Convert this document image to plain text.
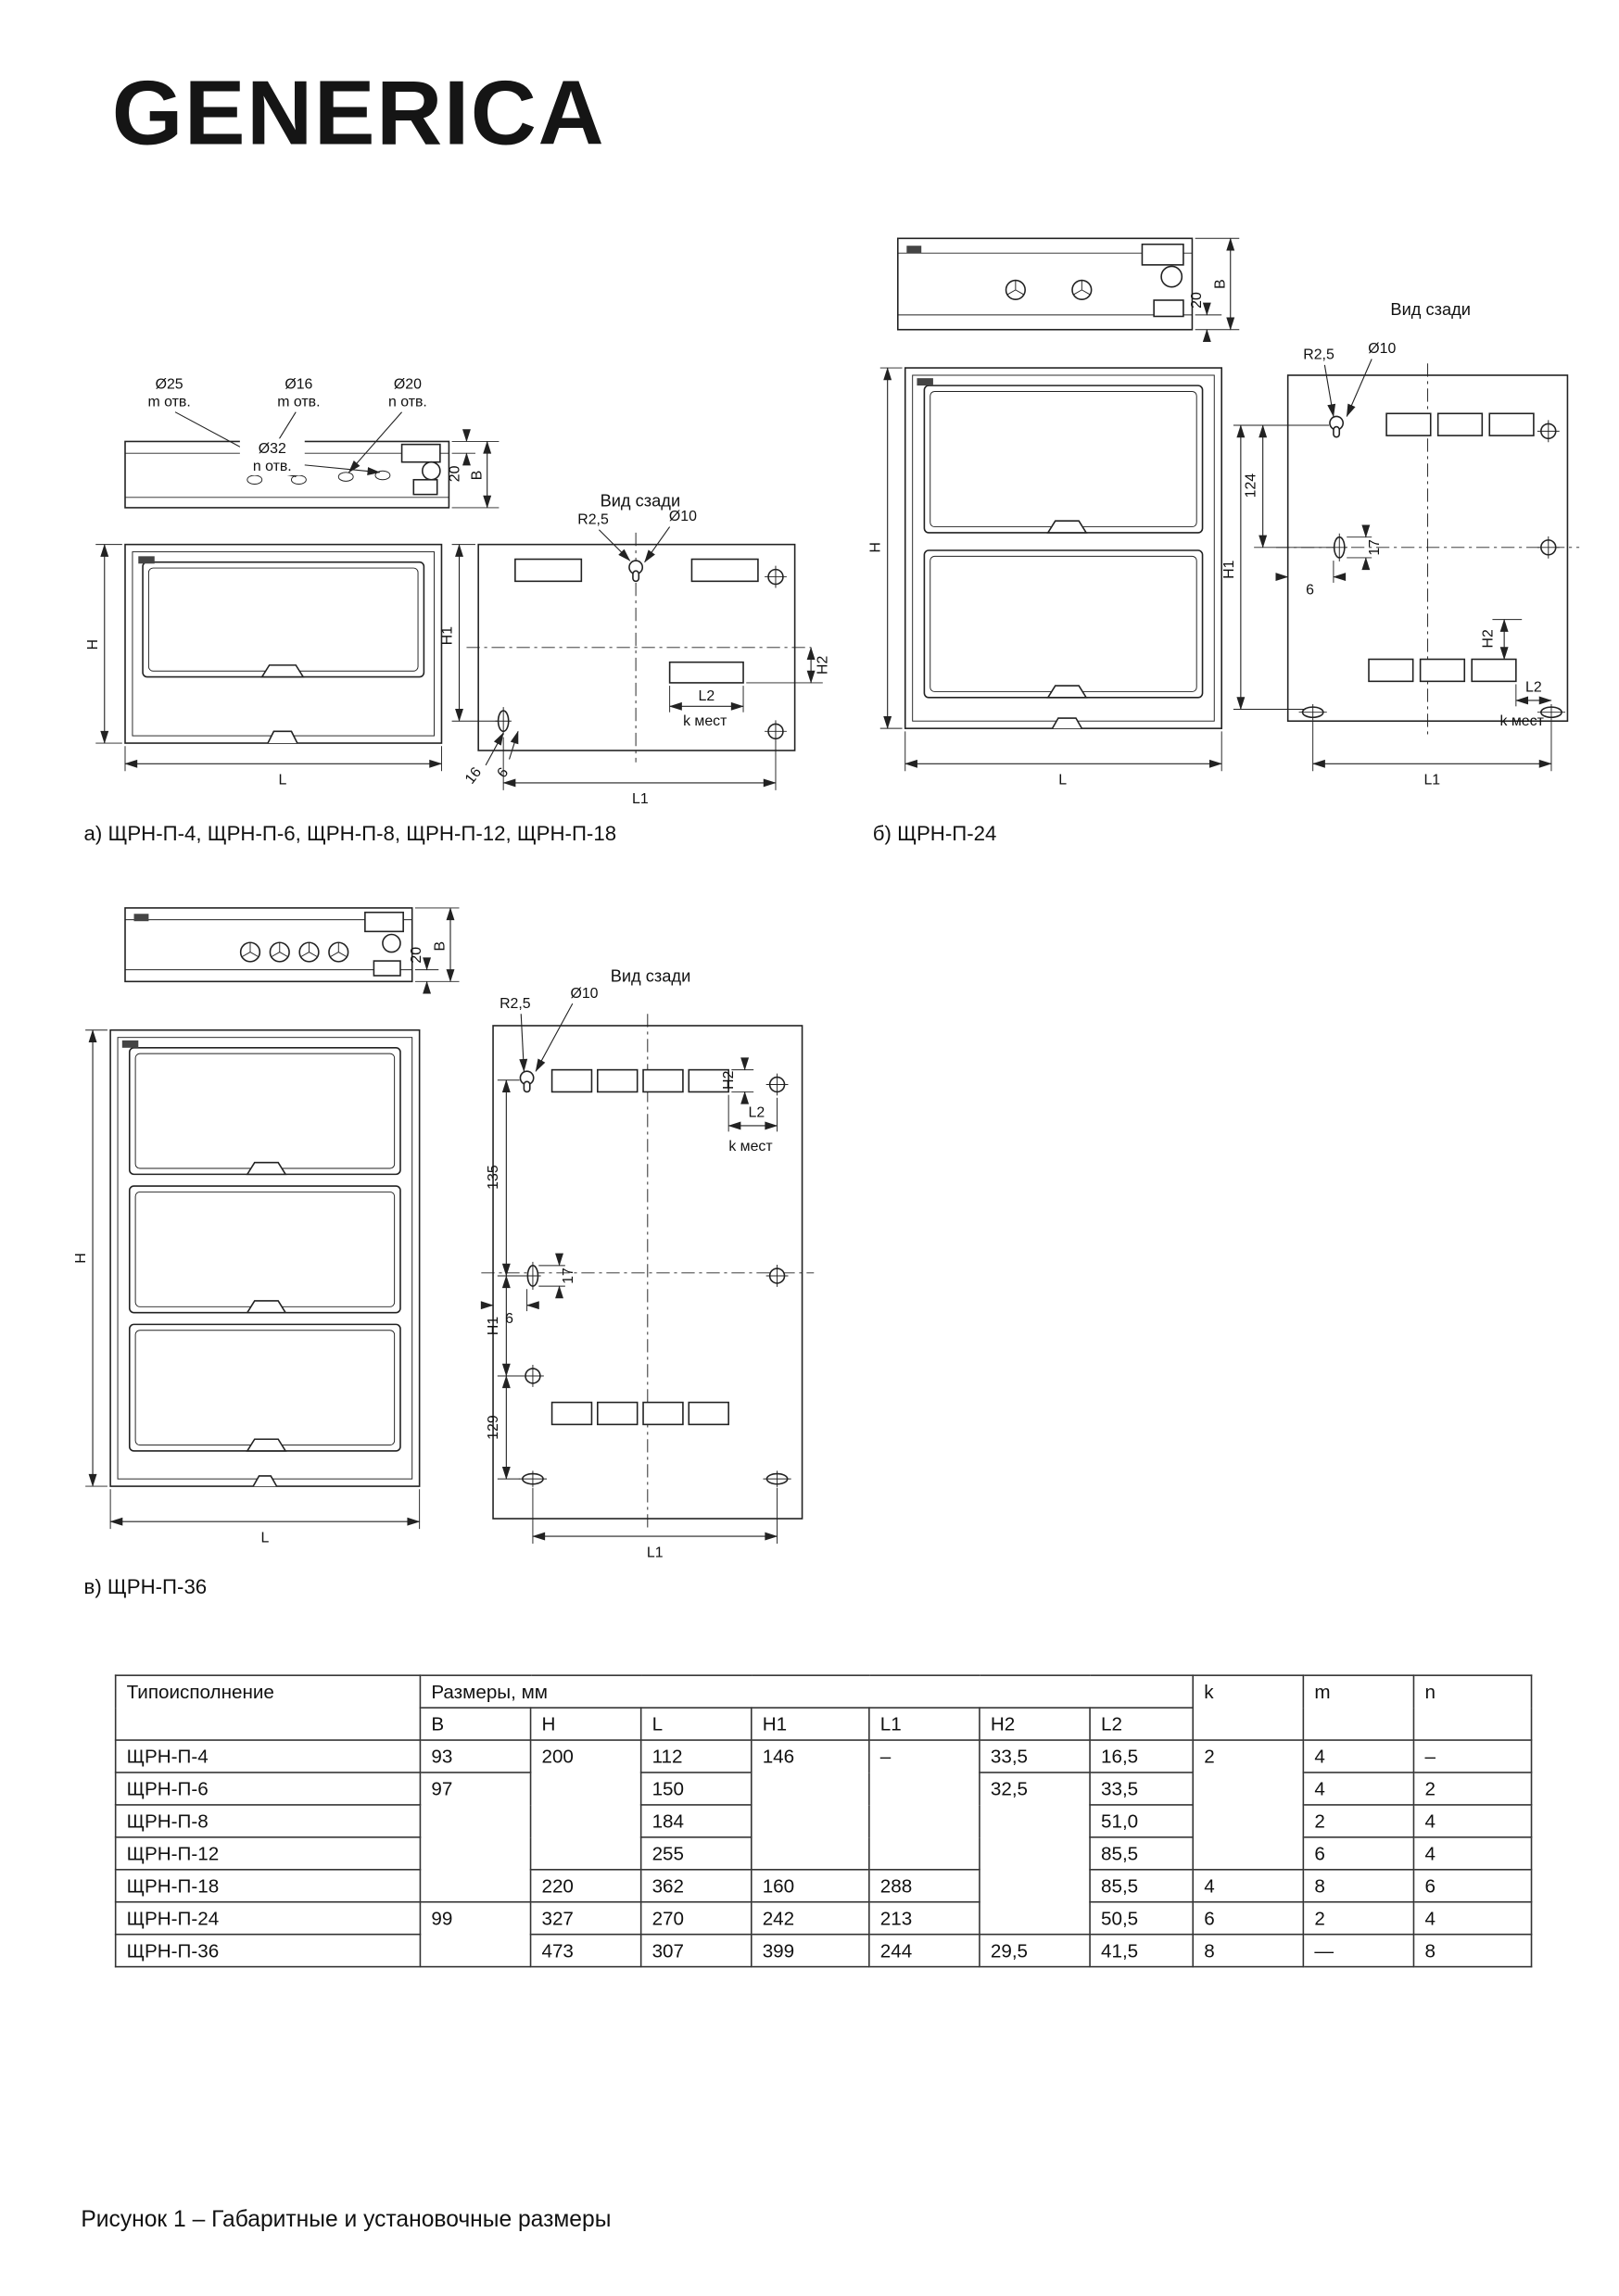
GENERICA
Ø25
m отв.
Ø16
m отв.
Ø20
n отв.
Ø32
n отв.	20 B
H
L
Вид сзади
R2,5	Ø10
H2
L2
k мест
H1
16 6
L1
20
B
H
L
Вид сзади
R2,5	Ø10
17
6
124
H1
H2
L2
k мест
L1
20
B
H
L
Вид сзади
R2,5
Ø10
H2
L2
k мест
135
H1
129
17
6
L1
а) ЩРН-П-4, ЩРН-П-6, ЩРН-П-8, ЩРН-П-12, ЩРН-П-18	б) ЩРН-П-24
в) ЩРН-П-36
Типоисполнение	Размеры, мм							k	m	n
	В	H	L	H1	L1	H2	L2			
ЩРН-П-4	93	200	112	146	–	33,5	16,5	2	4	–
ЩРН-П-6	97		150			32,5	33,5		4	2
ЩРН-П-8			184				51,0		2	4
ЩРН-П-12			255				85,5		6	4
ЩРН-П-18		220	362	160	288		85,5	4	8	6
ЩРН-П-24	99	327	270	242	213		50,5	6	2	4
ЩРН-П-36		473	307	399	244	29,5	41,5	8	—	8
Рисунок 1 – Габаритные и установочные размеры
